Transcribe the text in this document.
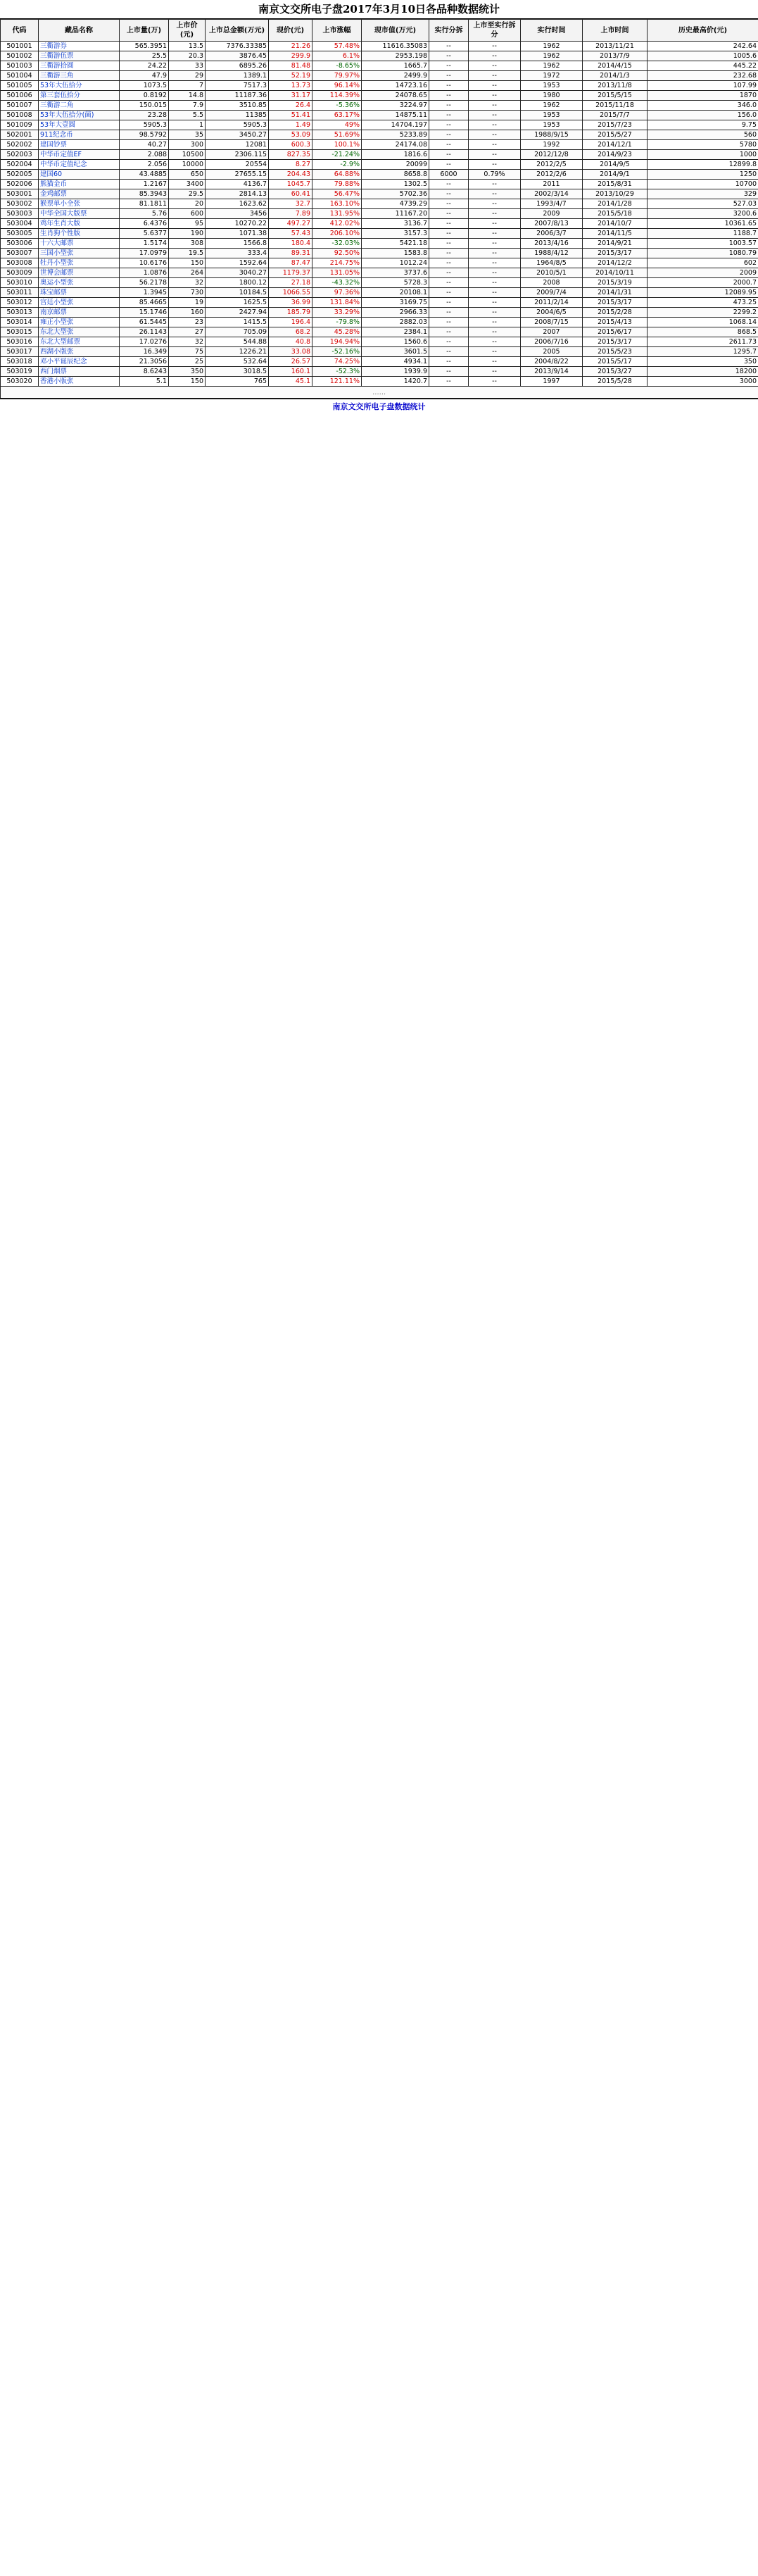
南京文交所电子盘2017年3月10日各品种数据统计
代码	藏品名称	上市量(万)	上市价(元)	上市总金额(万元)	现价(元)	上市涨幅	现市值(万元)	实行分拆	上市至实行拆分	实行时间	上市时间	历史最高价(元)
501001	三衢游券	565.3951	13.5	7376.33385	21.26	57.48%	11616.35083	--	--	1962	2013/11/21	242.64
501002	三衢游伍票	25.5	20.3	3876.45	299.9	6.1%	2953.198	--	--	1962	2013/7/9	1005.6
501003	三衢游拾圆	24.22	33	6895.26	81.48	-8.65%	1665.7	--	--	1962	2014/4/15	445.22
501004	三衢游三角	47.9	29	1389.1	52.19	79.97%	2499.9	--	--	1972	2014/1/3	232.68
501005	53年大伍拾分	1073.5	7	7517.3	13.73	96.14%	14723.16	--	--	1953	2013/11/8	107.99
501006	第三套伍拾分	0.8192	14.8	11187.36	31.17	114.39%	24078.65	--	--	1980	2015/5/15	1870
501007	三衢游二角	150.015	7.9	3510.85	26.4	-5.36%	3224.97	--	--	1962	2015/11/18	346.0
501008	53年大伍拾分(菌)	23.28	5.5	11385	51.41	63.17%	14875.11	--	--	1953	2015/7/7	156.0
501009	53年大壹圆	5905.3	1	5905.3	1.49	49%	14704.197	--	--	1953	2015/7/23	9.75
502001	911纪念币	98.5792	35	3450.27	53.09	51.69%	5233.89	--	--	1988/9/15	2015/5/27	560
502002	建国钞票	40.27	300	12081	600.3	100.1%	24174.08	--	--	1992	2014/12/1	5780
502003	中华币定值EF	2.088	10500	2306.115	827.35	-21.24%	1816.6	--	--	2012/12/8	2014/9/23	1000
502004	中华币定值纪念	2.056	10000	20554	8.27	-2.9%	20099	--	--	2012/2/5	2014/9/5	12899.8
502005	建国60	43.4885	650	27655.15	204.43	64.88%	8658.8	6000	0.79%	2012/2/6	2014/9/1	1250
502006	熊猫金币	1.2167	3400	4136.7	1045.7	79.88%	1302.5	--	--	2011	2015/8/31	10700
503001	金鸡邮票	85.3943	29.5	2814.13	60.41	56.47%	5702.36	--	--	2002/3/14	2013/10/29	329
503002	猴票单小全张	81.1811	20	1623.62	32.7	163.10%	4739.29	--	--	1993/4/7	2014/1/28	527.03
503003	中华全国大版票	5.76	600	3456	7.89	131.95%	11167.20	--	--	2009	2015/5/18	3200.6
503004	鸡年生肖大版	6.4376	95	10270.22	497.27	412.02%	3136.7	--	--	2007/8/13	2014/10/7	10361.65
503005	生肖狗个性版	5.6377	190	1071.38	57.43	206.10%	3157.3	--	--	2006/3/7	2014/11/5	1188.7
503006	十六大邮票	1.5174	308	1566.8	180.4	-32.03%	5421.18	--	--	2013/4/16	2014/9/21	1003.57
503007	三国小型张	17.0979	19.5	333.4	89.31	92.50%	1583.8	--	--	1988/4/12	2015/3/17	1080.79
503008	牡丹小型张	10.6176	150	1592.64	87.47	214.75%	1012.24	--	--	1964/8/5	2014/12/2	602
503009	世博会邮票	1.0876	264	3040.27	1179.37	131.05%	3737.6	--	--	2010/5/1	2014/10/11	2009
503010	奥运小型张	56.2178	32	1800.12	27.18	-43.32%	5728.3	--	--	2008	2015/3/19	2000.7
503011	珠宝邮票	1.3945	730	10184.5	1066.55	97.36%	20108.1	--	--	2009/7/4	2014/1/31	12089.95
503012	宫廷小型张	85.4665	19	1625.5	36.99	131.84%	3169.75	--	--	2011/2/14	2015/3/17	473.25
503013	南京邮票	15.1746	160	2427.94	185.79	33.29%	2966.33	--	--	2004/6/5	2015/2/28	2299.2
503014	雍正小型张	61.5445	23	1415.5	196.4	-79.8%	2882.03	--	--	2008/7/15	2015/4/13	1068.14
503015	东北大型张	26.1143	27	705.09	68.2	45.28%	2384.1	--	--	2007	2015/6/17	868.5
503016	东北大型邮票	17.0276	32	544.88	40.8	194.94%	1560.6	--	--	2006/7/16	2015/3/17	2611.73
503017	西湖小版张	16.349	75	1226.21	33.08	-52.16%	3601.5	--	--	2005	2015/5/23	1295.7
503018	邓小平诞辰纪念	21.3056	25	532.64	26.57	74.25%	4934.1	--	--	2004/8/22	2015/5/17	350
503019	西门烟票	8.6243	350	3018.5	160.1	-52.3%	1939.9	--	--	2013/9/14	2015/3/27	18200
503020	香港小版张	5.1	150	765	45.1	121.11%	1420.7	--	--	1997	2015/5/28	3000
……												
南京文交所电子盘数据统计
